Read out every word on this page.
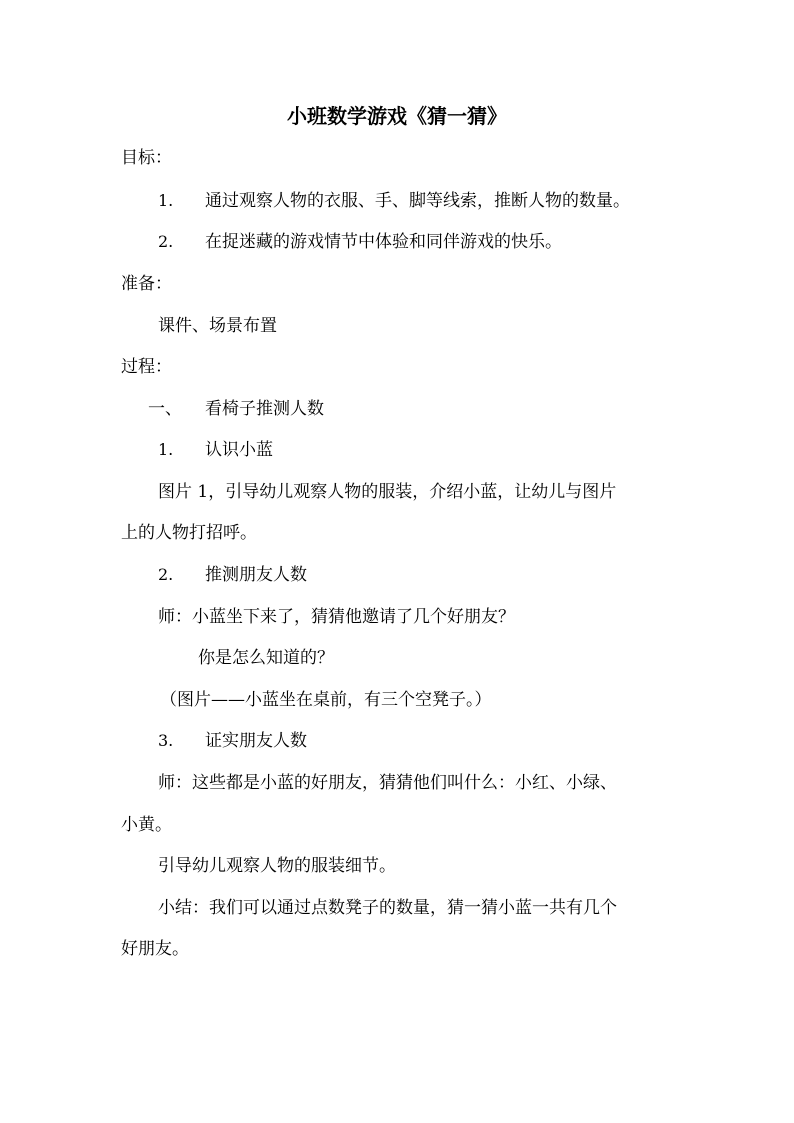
小班数学游戏《猜一猜》
目标：
1. 通过观察人物的衣服、手、脚等线索，推断人物的数量。
2. 在捉迷藏的游戏情节中体验和同伴游戏的快乐。
准备：
课件、场景布置
过程：
一、 看椅子推测人数
1. 认识小蓝
图片 1，引导幼儿观察人物的服装，介绍小蓝，让幼儿与图片
上的人物打招呼。
2. 推测朋友人数
师：小蓝坐下来了，猜猜他邀请了几个好朋友？
你是怎么知道的？
（图片——小蓝坐在桌前，有三个空凳子。）
3. 证实朋友人数
师：这些都是小蓝的好朋友，猜猜他们叫什么：小红、小绿、
小黄。
引导幼儿观察人物的服装细节。
小结：我们可以通过点数凳子的数量，猜一猜小蓝一共有几个
好朋友。
